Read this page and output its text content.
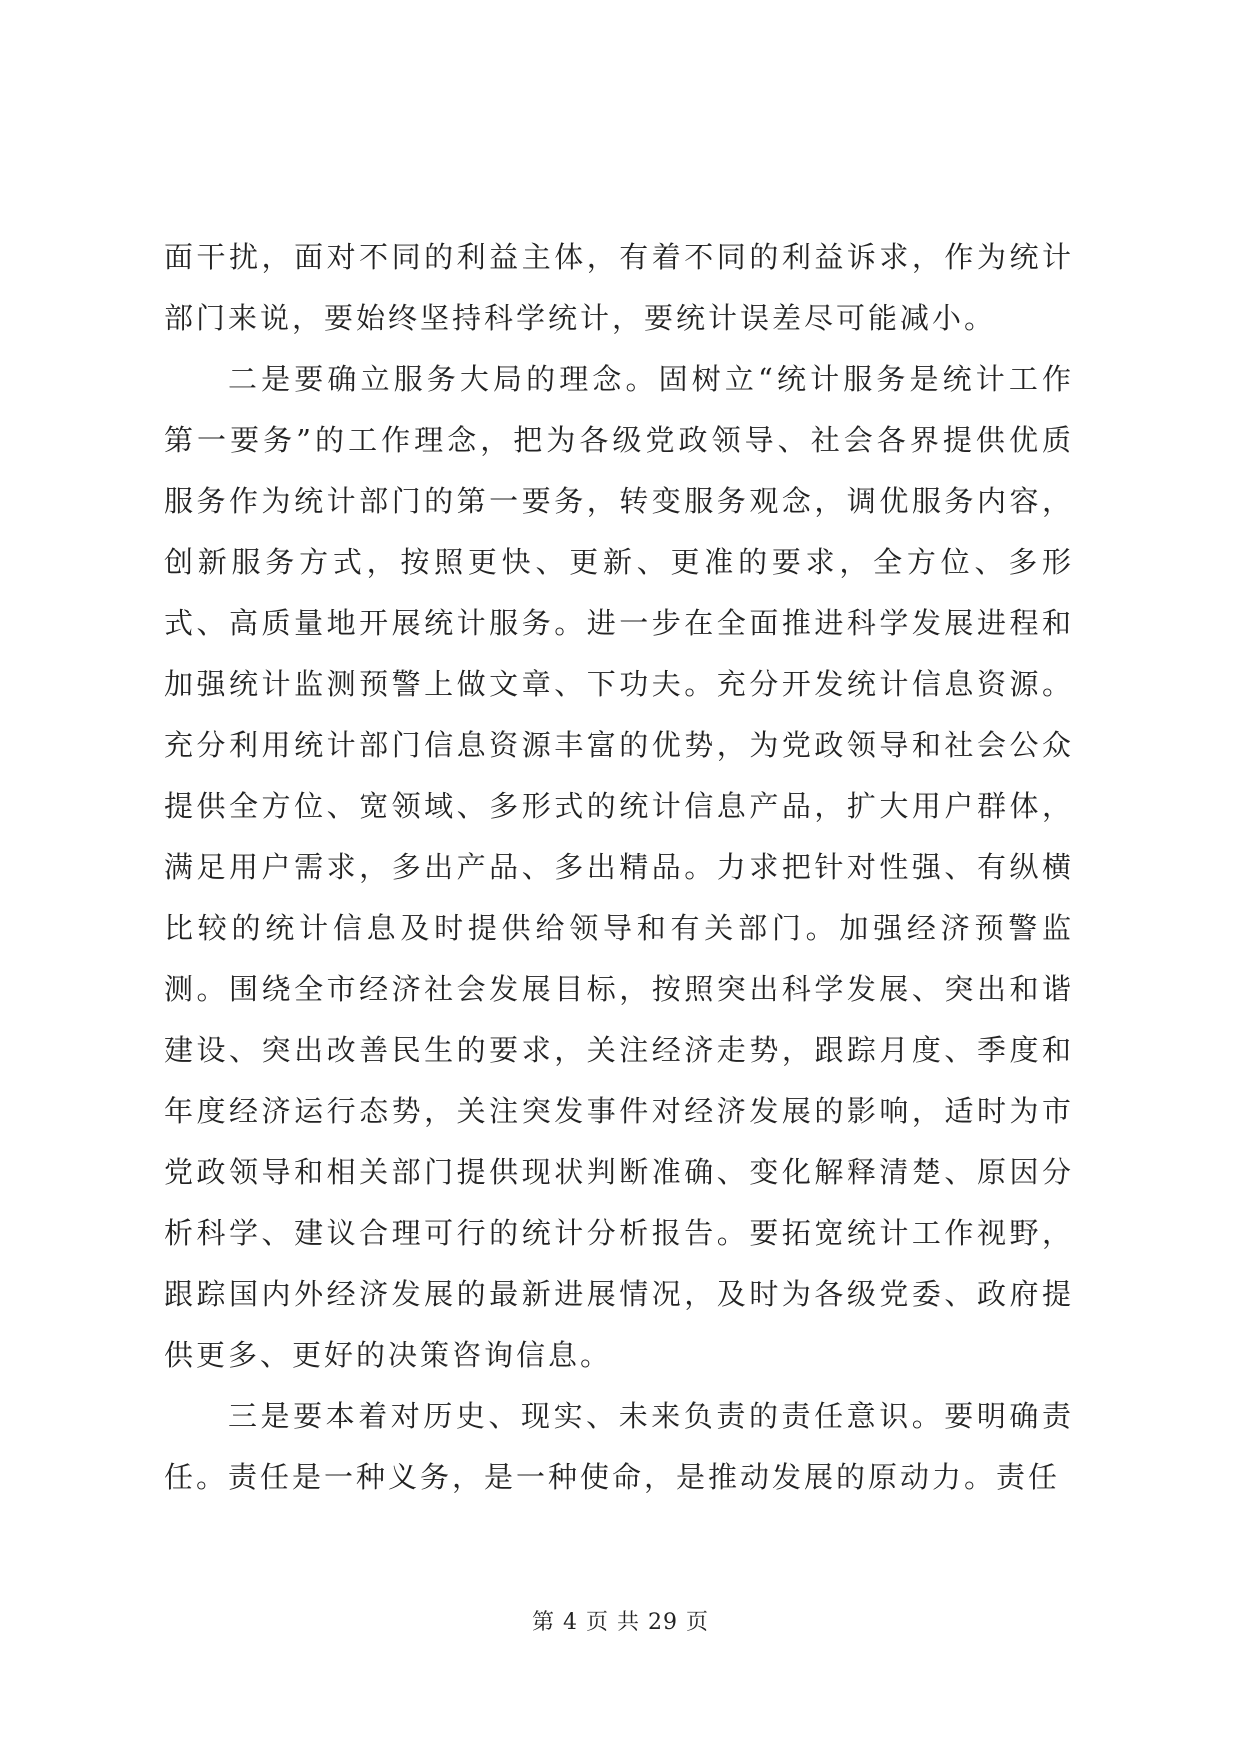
面干扰，面对不同的利益主体，有着不同的利益诉求，作为统计部门来说，要始终坚持科学统计，要统计误差尽可能减小。

二是要确立服务大局的理念。固树立“统计服务是统计工作第一要务”的工作理念，把为各级党政领导、社会各界提供优质服务作为统计部门的第一要务，转变服务观念，调优服务内容，创新服务方式，按照更快、更新、更准的要求，全方位、多形式、高质量地开展统计服务。进一步在全面推进科学发展进程和加强统计监测预警上做文章、下功夫。充分开发统计信息资源。充分利用统计部门信息资源丰富的优势，为党政领导和社会公众提供全方位、宽领域、多形式的统计信息产品，扩大用户群体，满足用户需求，多出产品、多出精品。力求把针对性强、有纵横比较的统计信息及时提供给领导和有关部门。加强经济预警监测。围绕全市经济社会发展目标，按照突出科学发展、突出和谐建设、突出改善民生的要求，关注经济走势，跟踪月度、季度和年度经济运行态势，关注突发事件对经济发展的影响，适时为市党政领导和相关部门提供现状判断准确、变化解释清楚、原因分析科学、建议合理可行的统计分析报告。要拓宽统计工作视野，跟踪国内外经济发展的最新进展情况，及时为各级党委、政府提供更多、更好的决策咨询信息。

三是要本着对历史、现实、未来负责的责任意识。要明确责任。责任是一种义务，是一种使命，是推动发展的原动力。责任

第 4 页 共 29 页
